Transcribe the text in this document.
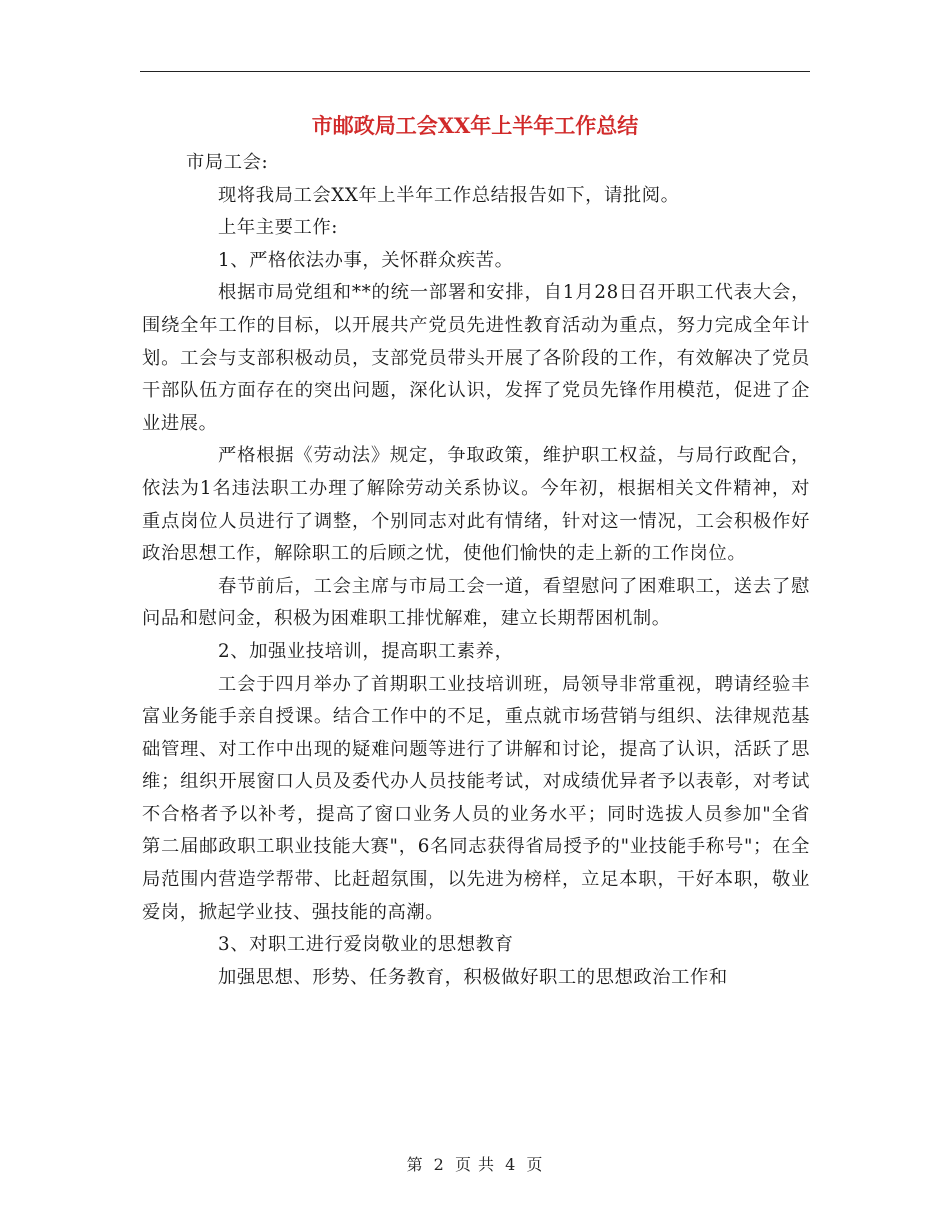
市邮政局工会XX年上半年工作总结

市局工会:

现将我局工会XX年上半年工作总结报告如下，请批阅。

上年主要工作:

1、严格依法办事，关怀群众疾苦。

根据市局党组和**的统一部署和安排，自1月28日召开职工代表大会，围绕全年工作的目标，以开展共产党员先进性教育活动为重点，努力完成全年计划。工会与支部积极动员，支部党员带头开展了各阶段的工作，有效解决了党员干部队伍方面存在的突出问题，深化认识，发挥了党员先锋作用模范，促进了企业进展。

严格根据《劳动法》规定，争取政策，维护职工权益，与局行政配合，依法为1名违法职工办理了解除劳动关系协议。今年初，根据相关文件精神，对重点岗位人员进行了调整，个别同志对此有情绪，针对这一情况，工会积极作好政治思想工作，解除职工的后顾之忧，使他们愉快的走上新的工作岗位。

春节前后，工会主席与市局工会一道，看望慰问了困难职工，送去了慰问品和慰问金，积极为困难职工排忧解难，建立长期帮困机制。

2、加强业技培训，提高职工素养，

工会于四月举办了首期职工业技培训班，局领导非常重视，聘请经验丰富业务能手亲自授课。结合工作中的不足，重点就市场营销与组织、法律规范基础管理、对工作中出现的疑难问题等进行了讲解和讨论，提高了认识，活跃了思维；组织开展窗口人员及委代办人员技能考试，对成绩优异者予以表彰，对考试不合格者予以补考，提高了窗口业务人员的业务水平；同时选拔人员参加"全省第二届邮政职工职业技能大赛"，6名同志获得省局授予的"业技能手称号"；在全局范围内营造学帮带、比赶超氛围，以先进为榜样，立足本职，干好本职，敬业爱岗，掀起学业技、强技能的高潮。

3、对职工进行爱岗敬业的思想教育

加强思想、形势、任务教育，积极做好职工的思想政治工作和

第 2 页 共 4 页
